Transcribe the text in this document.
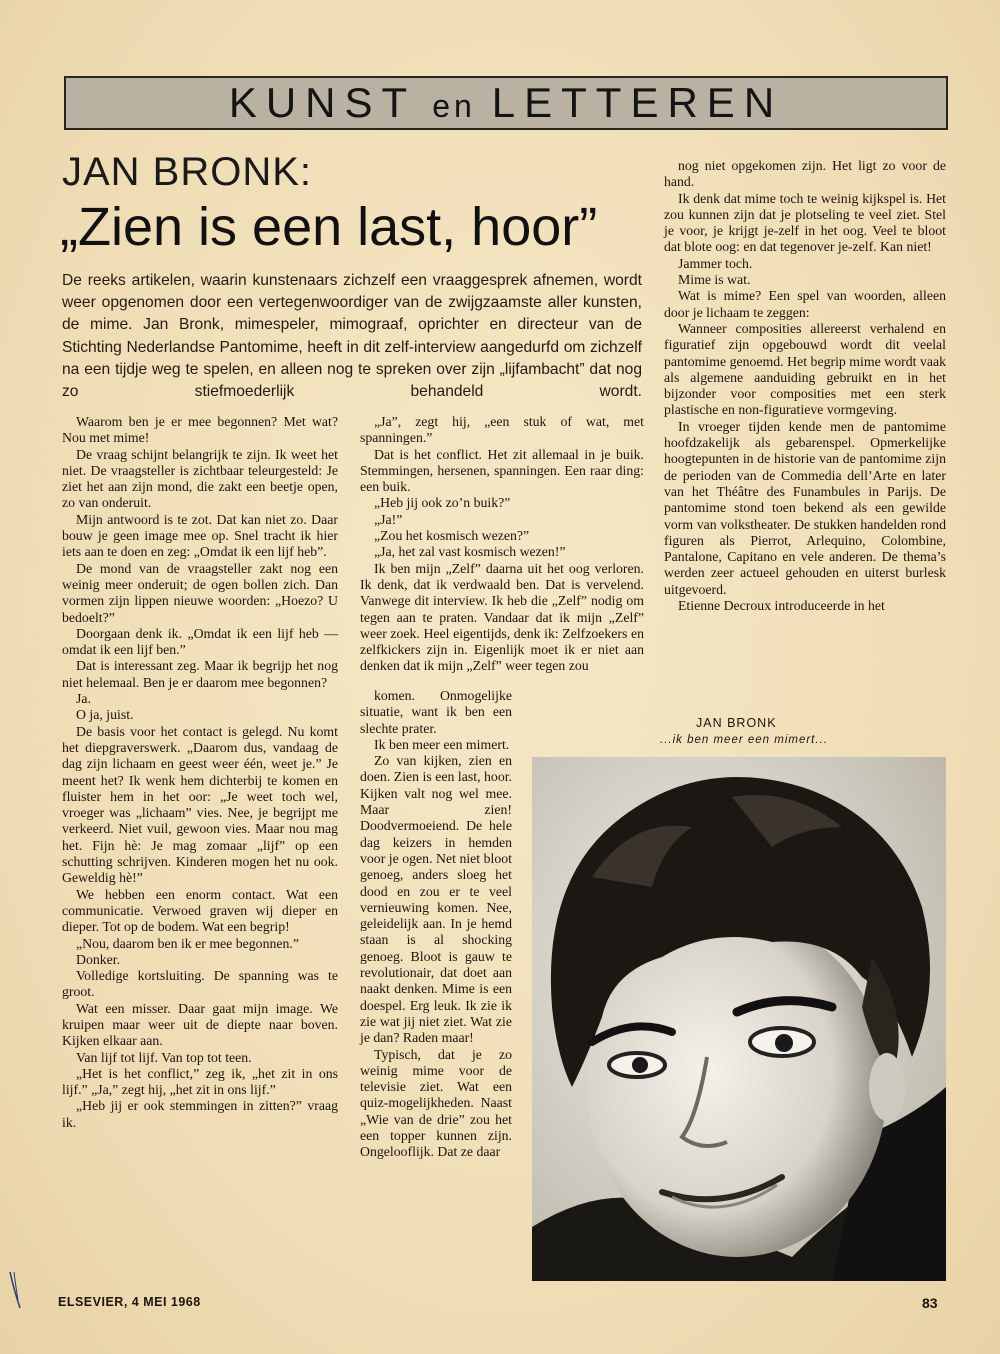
KUNST en LETTEREN
JAN BRONK:
„Zien is een last, hoor”
De reeks artikelen, waarin kunstenaars zichzelf een vraaggesprek afnemen, wordt weer opgenomen door een vertegenwoordiger van de zwijgzaamste aller kunsten, de mime. Jan Bronk, mimespeler, mimograaf, oprichter en directeur van de Stichting Nederlandse Pantomime, heeft in dit zelf-interview aangedurfd om zichzelf na een tijdje weg te spelen, en alleen nog te spreken over zijn „lijfambacht” dat nog zo stiefmoederlijk behandeld wordt.

Waarom ben je er mee begonnen? Met wat? Nou met mime!

De vraag schijnt belangrijk te zijn. Ik weet het niet. De vraagsteller is zichtbaar teleurgesteld: Je ziet het aan zijn mond, die zakt een beetje open, zo van onderuit.

Mijn antwoord is te zot. Dat kan niet zo. Daar bouw je geen image mee op. Snel tracht ik hier iets aan te doen en zeg: „Omdat ik een lijf heb”.

De mond van de vraagsteller zakt nog een weinig meer onderuit; de ogen bollen zich. Dan vormen zijn lippen nieuwe woorden: „Hoezo? U bedoelt?”

Doorgaan denk ik. „Omdat ik een lijf heb — omdat ik een lijf ben.”

Dat is interessant zeg. Maar ik begrijp het nog niet helemaal. Ben je er daarom mee begonnen?

Ja.

O ja, juist.

De basis voor het contact is gelegd. Nu komt het diepgraverswerk. „Daarom dus, vandaag de dag zijn lichaam en geest weer één, weet je.” Je meent het? Ik wenk hem dichterbij te komen en fluister hem in het oor: „Je weet toch wel, vroeger was „lichaam” vies. Nee, je begrijpt me verkeerd. Niet vuil, gewoon vies. Maar nou mag het. Fijn hè: Je mag zomaar „lijf” op een schutting schrijven. Kinderen mogen het nu ook. Geweldig hè!”

We hebben een enorm contact. Wat een communicatie. Verwoed graven wij dieper en dieper. Tot op de bodem. Wat een begrip!

„Nou, daarom ben ik er mee begonnen.”

Donker.

Volledige kortsluiting. De spanning was te groot.

Wat een misser. Daar gaat mijn image. We kruipen maar weer uit de diepte naar boven. Kijken elkaar aan.

Van lijf tot lijf. Van top tot teen.

„Het is het conflict,” zeg ik, „het zit in ons lijf.” „Ja,” zegt hij, „het zit in ons lijf.”

„Heb jij er ook stemmingen in zitten?” vraag ik.

„Ja”, zegt hij, „een stuk of wat, met spanningen.”

Dat is het conflict. Het zit allemaal in je buik. Stemmingen, hersenen, spanningen. Een raar ding: een buik.

„Heb jij ook zo’n buik?”

„Ja!”

„Zou het kosmisch wezen?”

„Ja, het zal vast kosmisch wezen!”

Ik ben mijn „Zelf” daarna uit het oog verloren. Ik denk, dat ik verdwaald ben. Dat is vervelend. Vanwege dit interview. Ik heb die „Zelf” nodig om tegen aan te praten. Vandaar dat ik mijn „Zelf” weer zoek. Heel eigentijds, denk ik: Zelfzoekers en zelfkickers zijn in. Eigenlijk moet ik er niet aan denken dat ik mijn „Zelf” weer tegen zou

komen. Onmogelijke situatie, want ik ben een slechte prater.

Ik ben meer een mimert.

Zo van kijken, zien en doen. Zien is een last, hoor. Kijken valt nog wel mee. Maar zien! Doodvermoeiend. De hele dag keizers in hemden voor je ogen. Net niet bloot genoeg, anders sloeg het dood en zou er te veel vernieuwing komen. Nee, geleidelijk aan. In je hemd staan is al shocking genoeg. Bloot is gauw te revolutionair, dat doet aan naakt denken. Mime is een doespel. Erg leuk. Ik zie ik zie wat jij niet ziet. Wat zie je dan? Raden maar!

Typisch, dat je zo weinig mime voor de televisie ziet. Wat een quiz-mogelijkheden. Naast „Wie van de drie” zou het een topper kunnen zijn. Ongelooflijk. Dat ze daar

nog niet opgekomen zijn. Het ligt zo voor de hand.

Ik denk dat mime toch te weinig kijkspel is. Het zou kunnen zijn dat je plotseling te veel ziet. Stel je voor, je krijgt je-zelf in het oog. Veel te bloot dat blote oog: en dat tegenover je-zelf. Kan niet!

Jammer toch.

Mime is wat.

Wat is mime? Een spel van woorden, alleen door je lichaam te zeggen:

Wanneer composities allereerst verhalend en figuratief zijn opgebouwd wordt dit veelal pantomime genoemd. Het begrip mime wordt vaak als algemene aanduiding gebruikt en in het bijzonder voor composities met een sterk plastische en non-figuratieve vormgeving.

In vroeger tijden kende men de pantomime hoofdzakelijk als gebarenspel. Opmerkelijke hoogtepunten in de historie van de pantomime zijn de perioden van de Commedia dell’Arte en later van het Théâtre des Funambules in Parijs. De pantomime stond toen bekend als een gewilde vorm van volkstheater. De stukken handelden rond figuren als Pierrot, Arlequino, Colombine, Pantalone, Capitano en vele anderen. De thema’s werden zeer actueel gehouden en uiterst burlesk uitgevoerd.

Etienne Decroux introduceerde in het

JAN BRONK
...ik ben meer een mimert...
ELSEVIER, 4 MEI 1968	83
